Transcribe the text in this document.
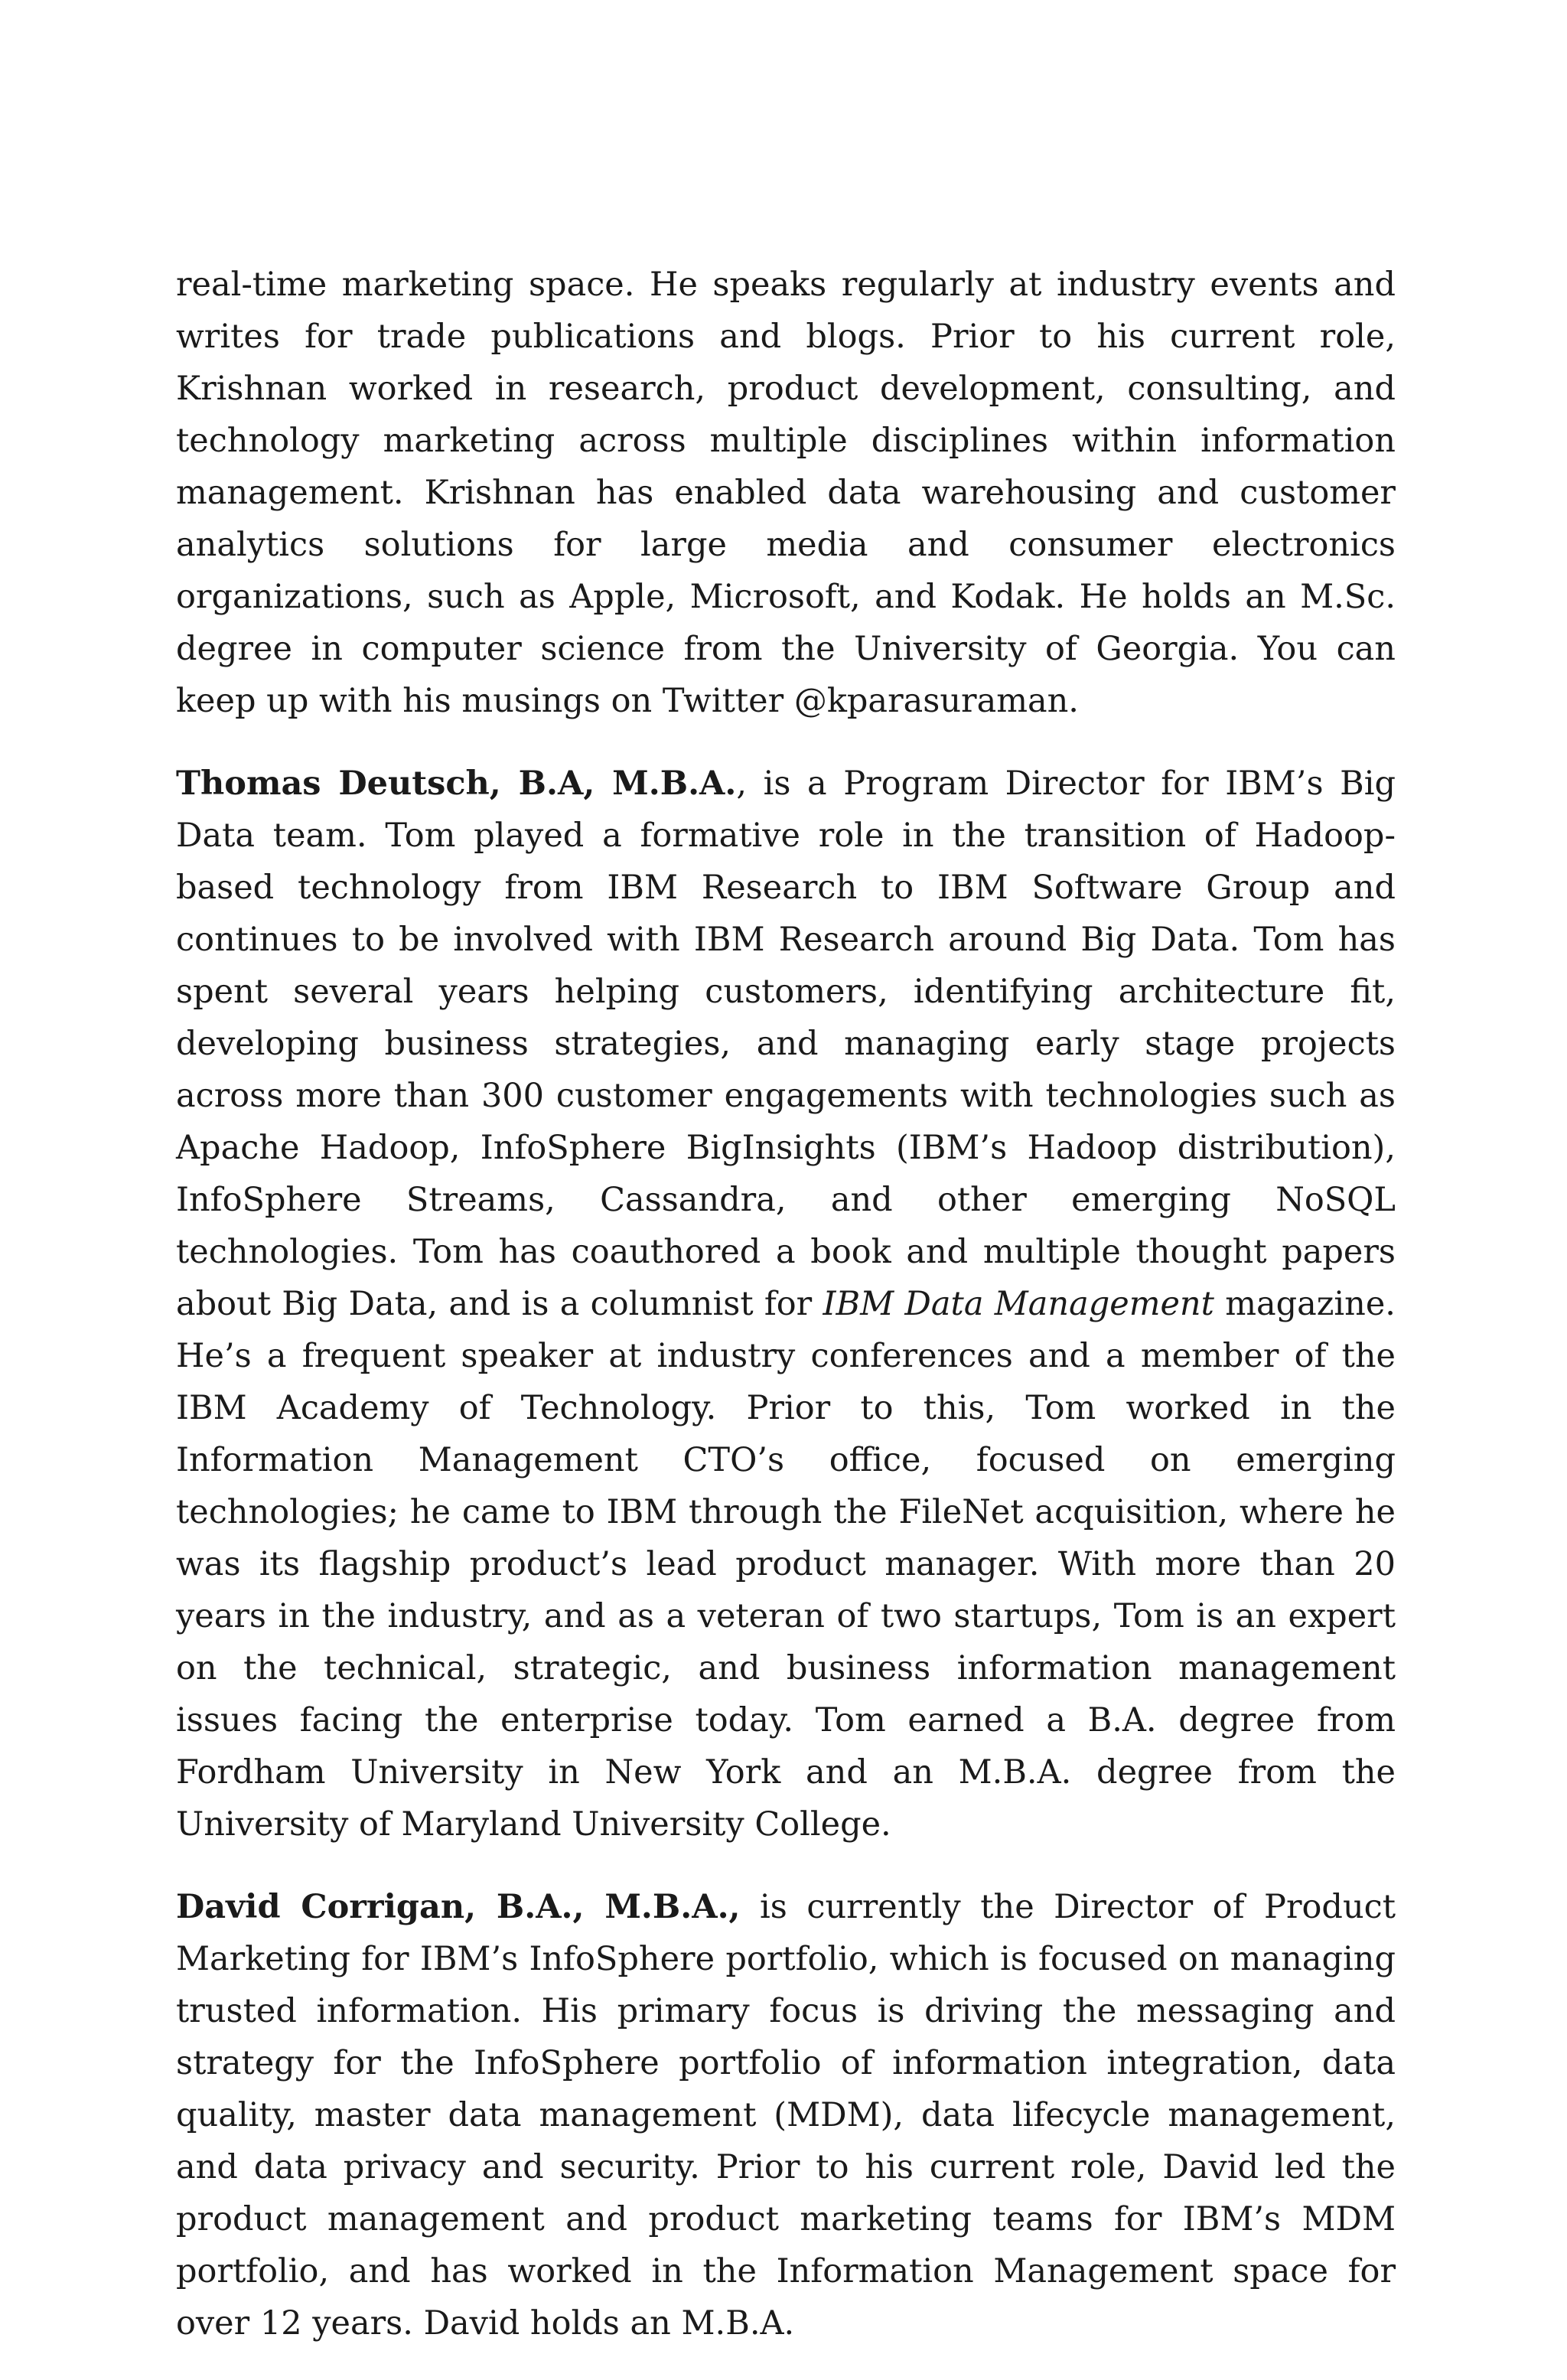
real-time marketing space. He speaks regularly at industry events and writes for trade publications and blogs. Prior to his current role, Krishnan worked in research, product development, consulting, and technology marketing across multiple disciplines within information management. Krishnan has enabled data warehousing and customer analytics solutions for large media and consumer electronics organizations, such as Apple, Microsoft, and Kodak. He holds an M.Sc. degree in computer science from the University of Georgia. You can keep up with his musings on Twitter @kparasuraman.

Thomas Deutsch, B.A, M.B.A., is a Program Director for IBM’s Big Data team. Tom played a formative role in the transition of Hadoop-based technology from IBM Research to IBM Software Group and continues to be involved with IBM Research around Big Data. Tom has spent several years helping customers, identifying architecture fit, developing business strategies, and managing early stage projects across more than 300 customer engagements with technologies such as Apache Hadoop, InfoSphere BigInsights (IBM’s Hadoop distribution), InfoSphere Streams, Cassandra, and other emerging NoSQL technologies. Tom has coauthored a book and multiple thought papers about Big Data, and is a columnist for IBM Data Management magazine. He’s a frequent speaker at industry conferences and a member of the IBM Academy of Technology. Prior to this, Tom worked in the Information Management CTO’s office, focused on emerging technologies; he came to IBM through the FileNet acquisition, where he was its flagship product’s lead product manager. With more than 20 years in the industry, and as a veteran of two startups, Tom is an expert on the technical, strategic, and business information management issues facing the enterprise today. Tom earned a B.A. degree from Fordham University in New York and an M.B.A. degree from the University of Maryland University College.

David Corrigan, B.A., M.B.A., is currently the Director of Product Marketing for IBM’s InfoSphere portfolio, which is focused on managing trusted information. His primary focus is driving the messaging and strategy for the InfoSphere portfolio of information integration, data quality, master data management (MDM), data lifecycle management, and data privacy and security. Prior to his current role, David led the product management and product marketing teams for IBM’s MDM portfolio, and has worked in the Information Management space for over 12 years. David holds an M.B.A.
